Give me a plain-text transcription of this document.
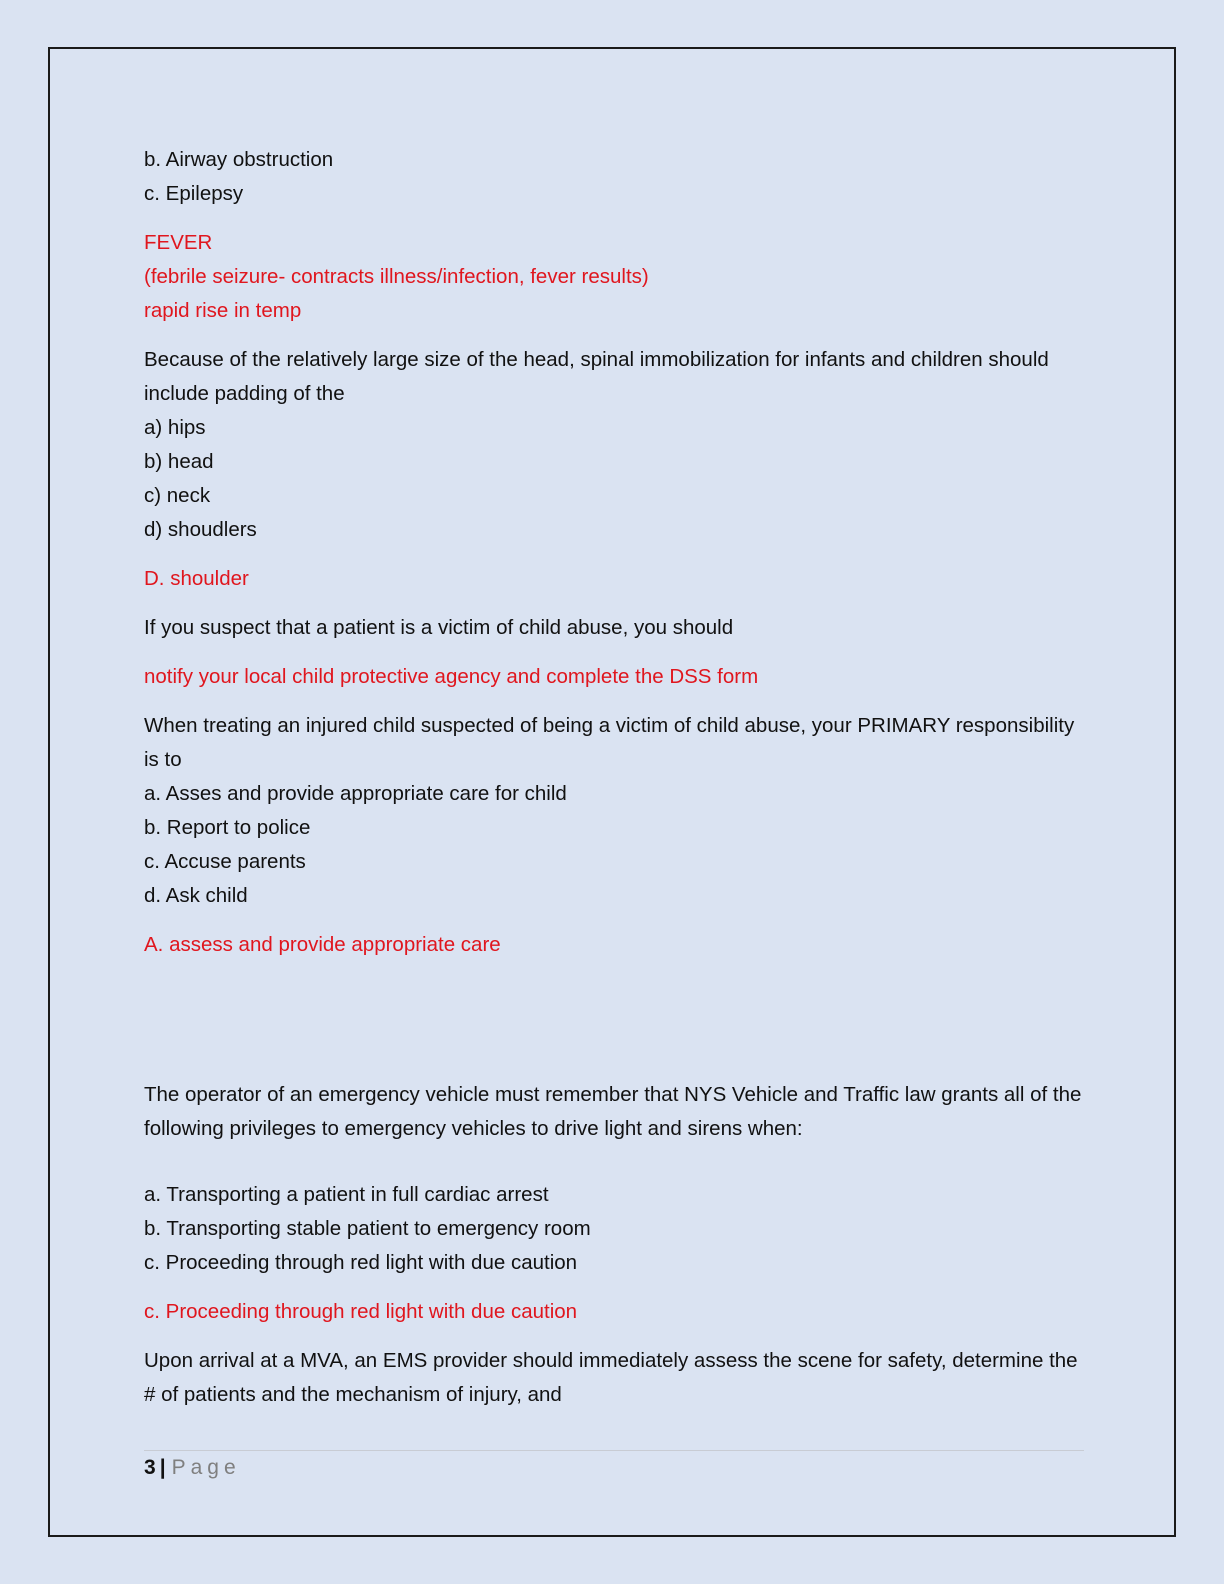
b. Airway obstruction
c. Epilepsy
FEVER
(febrile seizure- contracts illness/infection, fever results)
rapid rise in temp
Because of the relatively large size of the head, spinal immobilization for infants and children should include padding of the
a) hips
b) head
c) neck
d) shoudlers
D. shoulder
If you suspect that a patient is a victim of child abuse, you should
notify your local child protective agency and complete the DSS form
When treating an injured child suspected of being a victim of child abuse, your PRIMARY responsibility is to
a. Asses and provide appropriate care for child
b. Report to police
c. Accuse parents
d. Ask child
A. assess and provide appropriate care
The operator of an emergency vehicle must remember that NYS Vehicle and Traffic law grants all of the following privileges to emergency vehicles to drive light and sirens when:
a. Transporting a patient in full cardiac arrest
b. Transporting stable patient to emergency room
c. Proceeding through red light with due caution
c. Proceeding through red light with due caution
Upon arrival at a MVA, an EMS provider should immediately assess the scene for safety, determine the # of patients and the mechanism of injury, and
3 | Page
